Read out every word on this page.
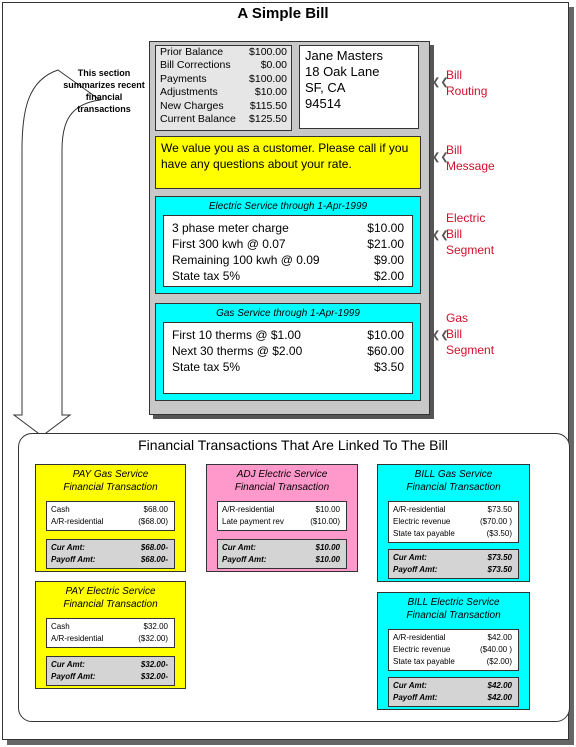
A Simple Bill
This section summarizes recent financial transactions
Prior Balance $100.00
Bill Corrections	$0.00
Payments	$100.00
Adjustments	$10.00
New Charges $115.50
Current Balance $125.50
Jane Masters
18 Oak Lane
SF, CA
94514
We value you as a customer. Please call if you have any questions about your rate.
Electric Service through 1-Apr-1999
3 phase meter charge	$10.00
First 300 kwh @ 0.07	$21.00
Remaining 100 kwh @ 0.09	$9.00
State tax 5%	$2.00
Gas Service through 1-Apr-1999
First 10 therms @ $1.00	$10.00
Next 30 therms @ $2.00	$60.00
State tax 5%	$3.50
❮❮
Bill
Routing
❮❮
Bill
Message
❮❮
Electric
Bill
Segment
❮❮
Gas
Bill
Segment
Financial Transactions That Are Linked To The Bill
PAY Gas Service
Financial Transaction
Cash	$68.00
A/R-residential	($68.00)
Cur Amt:	$68.00-
Payoff Amt:	$68.00-
ADJ Electric Service
Financial Transaction
A/R-residential	$10.00
Late payment rev	($10.00)
Cur Amt:	$10.00
Payoff Amt:	$10.00
BILL Gas Service
Financial Transaction
A/R-residential	$73.50
Electric revenue	($70.00 )
State tax payable	($3.50)
Cur Amt:	$73.50
Payoff Amt:	$73.50
PAY Electric Service
Financial Transaction
Cash	$32.00
A/R-residential	($32.00)
Cur Amt:	$32.00-
Payoff Amt:	$32.00-
BILL Electric Service
Financial Transaction
A/R-residential	$42.00
Electric revenue	($40.00 )
State tax payable	($2.00)
Cur Amt:	$42.00
Payoff Amt:	$42.00
